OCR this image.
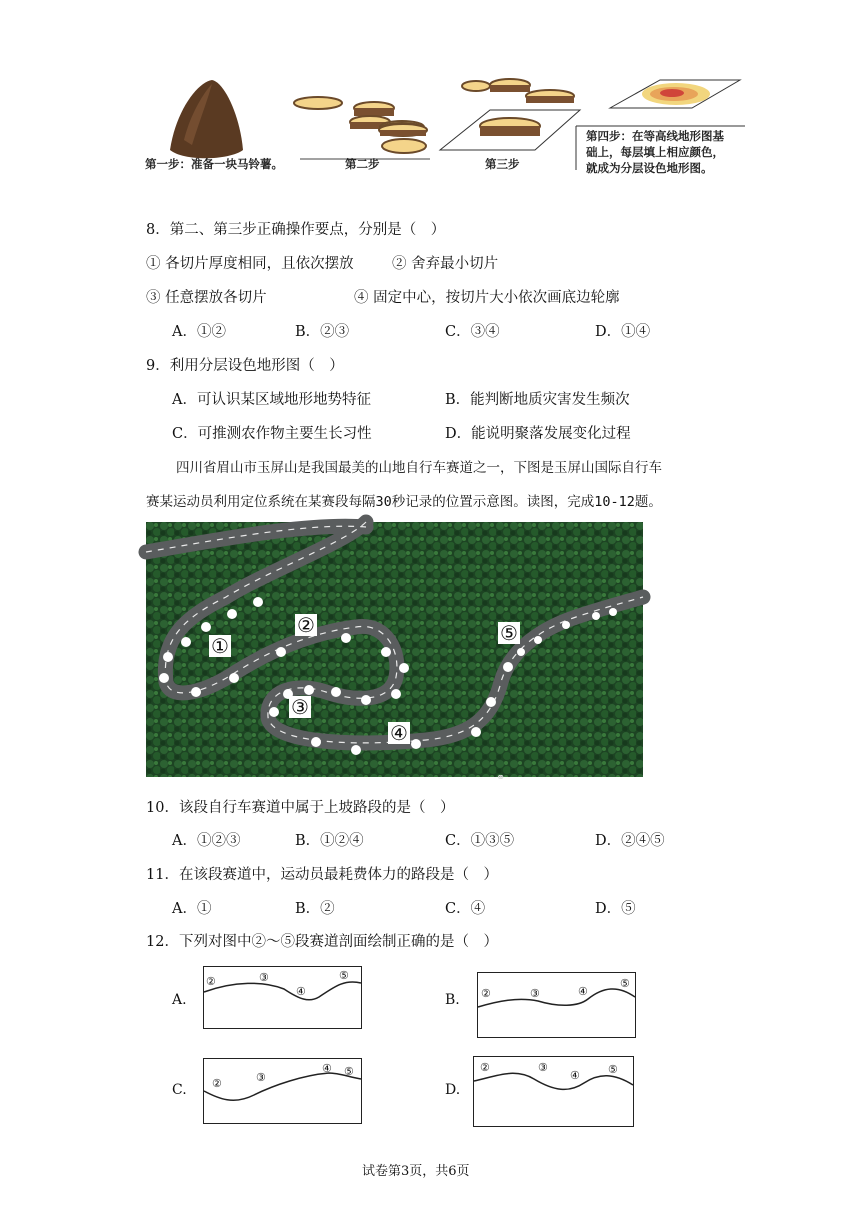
第一步：准备一块马铃薯。	第二步	第三步
第四步：在等高线地形图基
础上，每层填上相应颜色，
就成为分层设色地形图。
8．第二、第三步正确操作要点，分别是（　）
① 各切片厚度相同，且依次摆放	② 舍弃最小切片
③ 任意摆放各切片	④ 固定中心，按切片大小依次画底边轮廓
A．①②	B．②③	C．③④	D．①④
9．利用分层设色地形图（　）
A．可认识某区域地形地势特征	B．能判断地质灾害发生频次
C．可推测农作物主要生长习性	D．能说明聚落发展变化过程
四川省眉山市玉屏山是我国最美的山地自行车赛道之一，下图是玉屏山国际自行车
赛某运动员利用定位系统在某赛段每隔30秒记录的位置示意图。读图，完成10-12题。
⚭
①
②
③
④
⑤
10．该段自行车赛道中属于上坡路段的是（　）
A．①②③	B．①②④	C．①③⑤	D．②④⑤
11．在该段赛道中，运动员最耗费体力的路段是（　）
A．①	B．②	C．④	D．⑤
12．下列对图中②～⑤段赛道剖面绘制正确的是（　）
A.
②	③
④
⑤
B. ②	③	④
⑤
C. ②	③
④ ⑤
D.
②	③
④	⑤
试卷第3页，共6页
